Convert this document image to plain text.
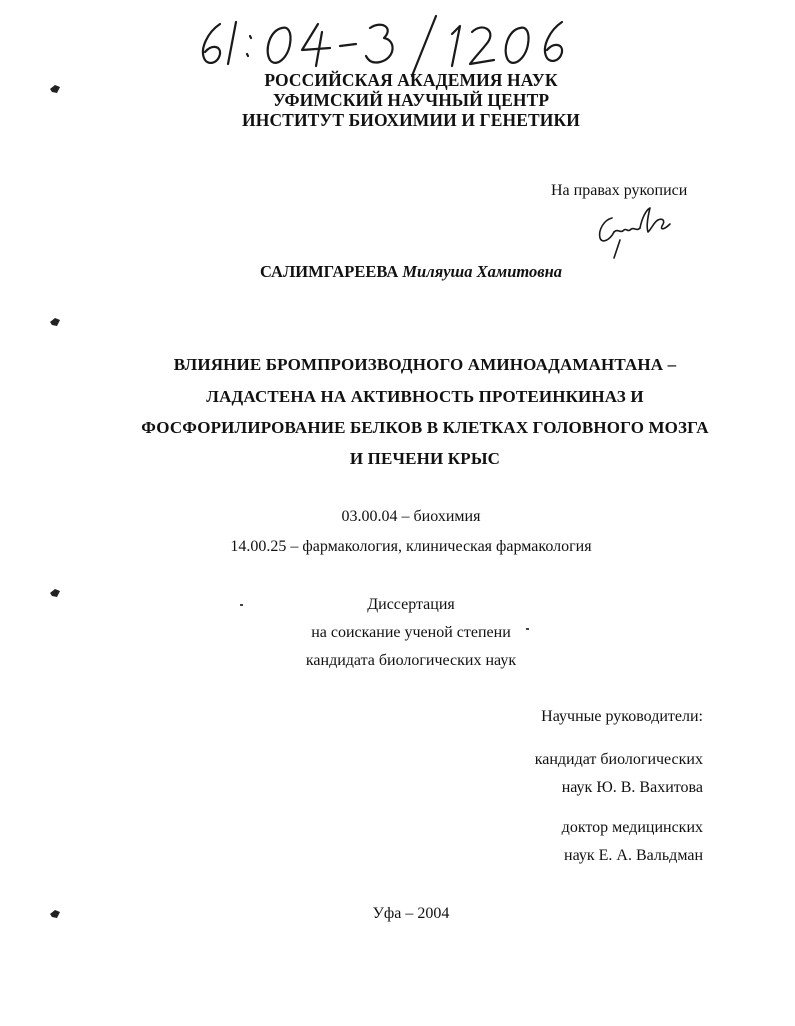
РОССИЙСКАЯ АКАДЕМИЯ НАУК
УФИМСКИЙ НАУЧНЫЙ ЦЕНТР
ИНСТИТУТ БИОХИМИИ И ГЕНЕТИКИ
На правах рукописи
САЛИМГАРЕЕВА Миляуша Хамитовна
ВЛИЯНИЕ БРОМПРОИЗВОДНОГО АМИНОАДАМАНТАНА –
ЛАДАСТЕНА НА АКТИВНОСТЬ ПРОТЕИНКИНАЗ И
ФОСФОРИЛИРОВАНИЕ БЕЛКОВ В КЛЕТКАХ ГОЛОВНОГО МОЗГА
И ПЕЧЕНИ КРЫС
03.00.04 – биохимия
14.00.25 – фармакология, клиническая фармакология
Диссертация
на соискание ученой степени
кандидата биологических наук
Научные руководители:
кандидат биологических
наук Ю. В. Вахитова
доктор медицинских
наук Е. А. Вальдман
Уфа – 2004
